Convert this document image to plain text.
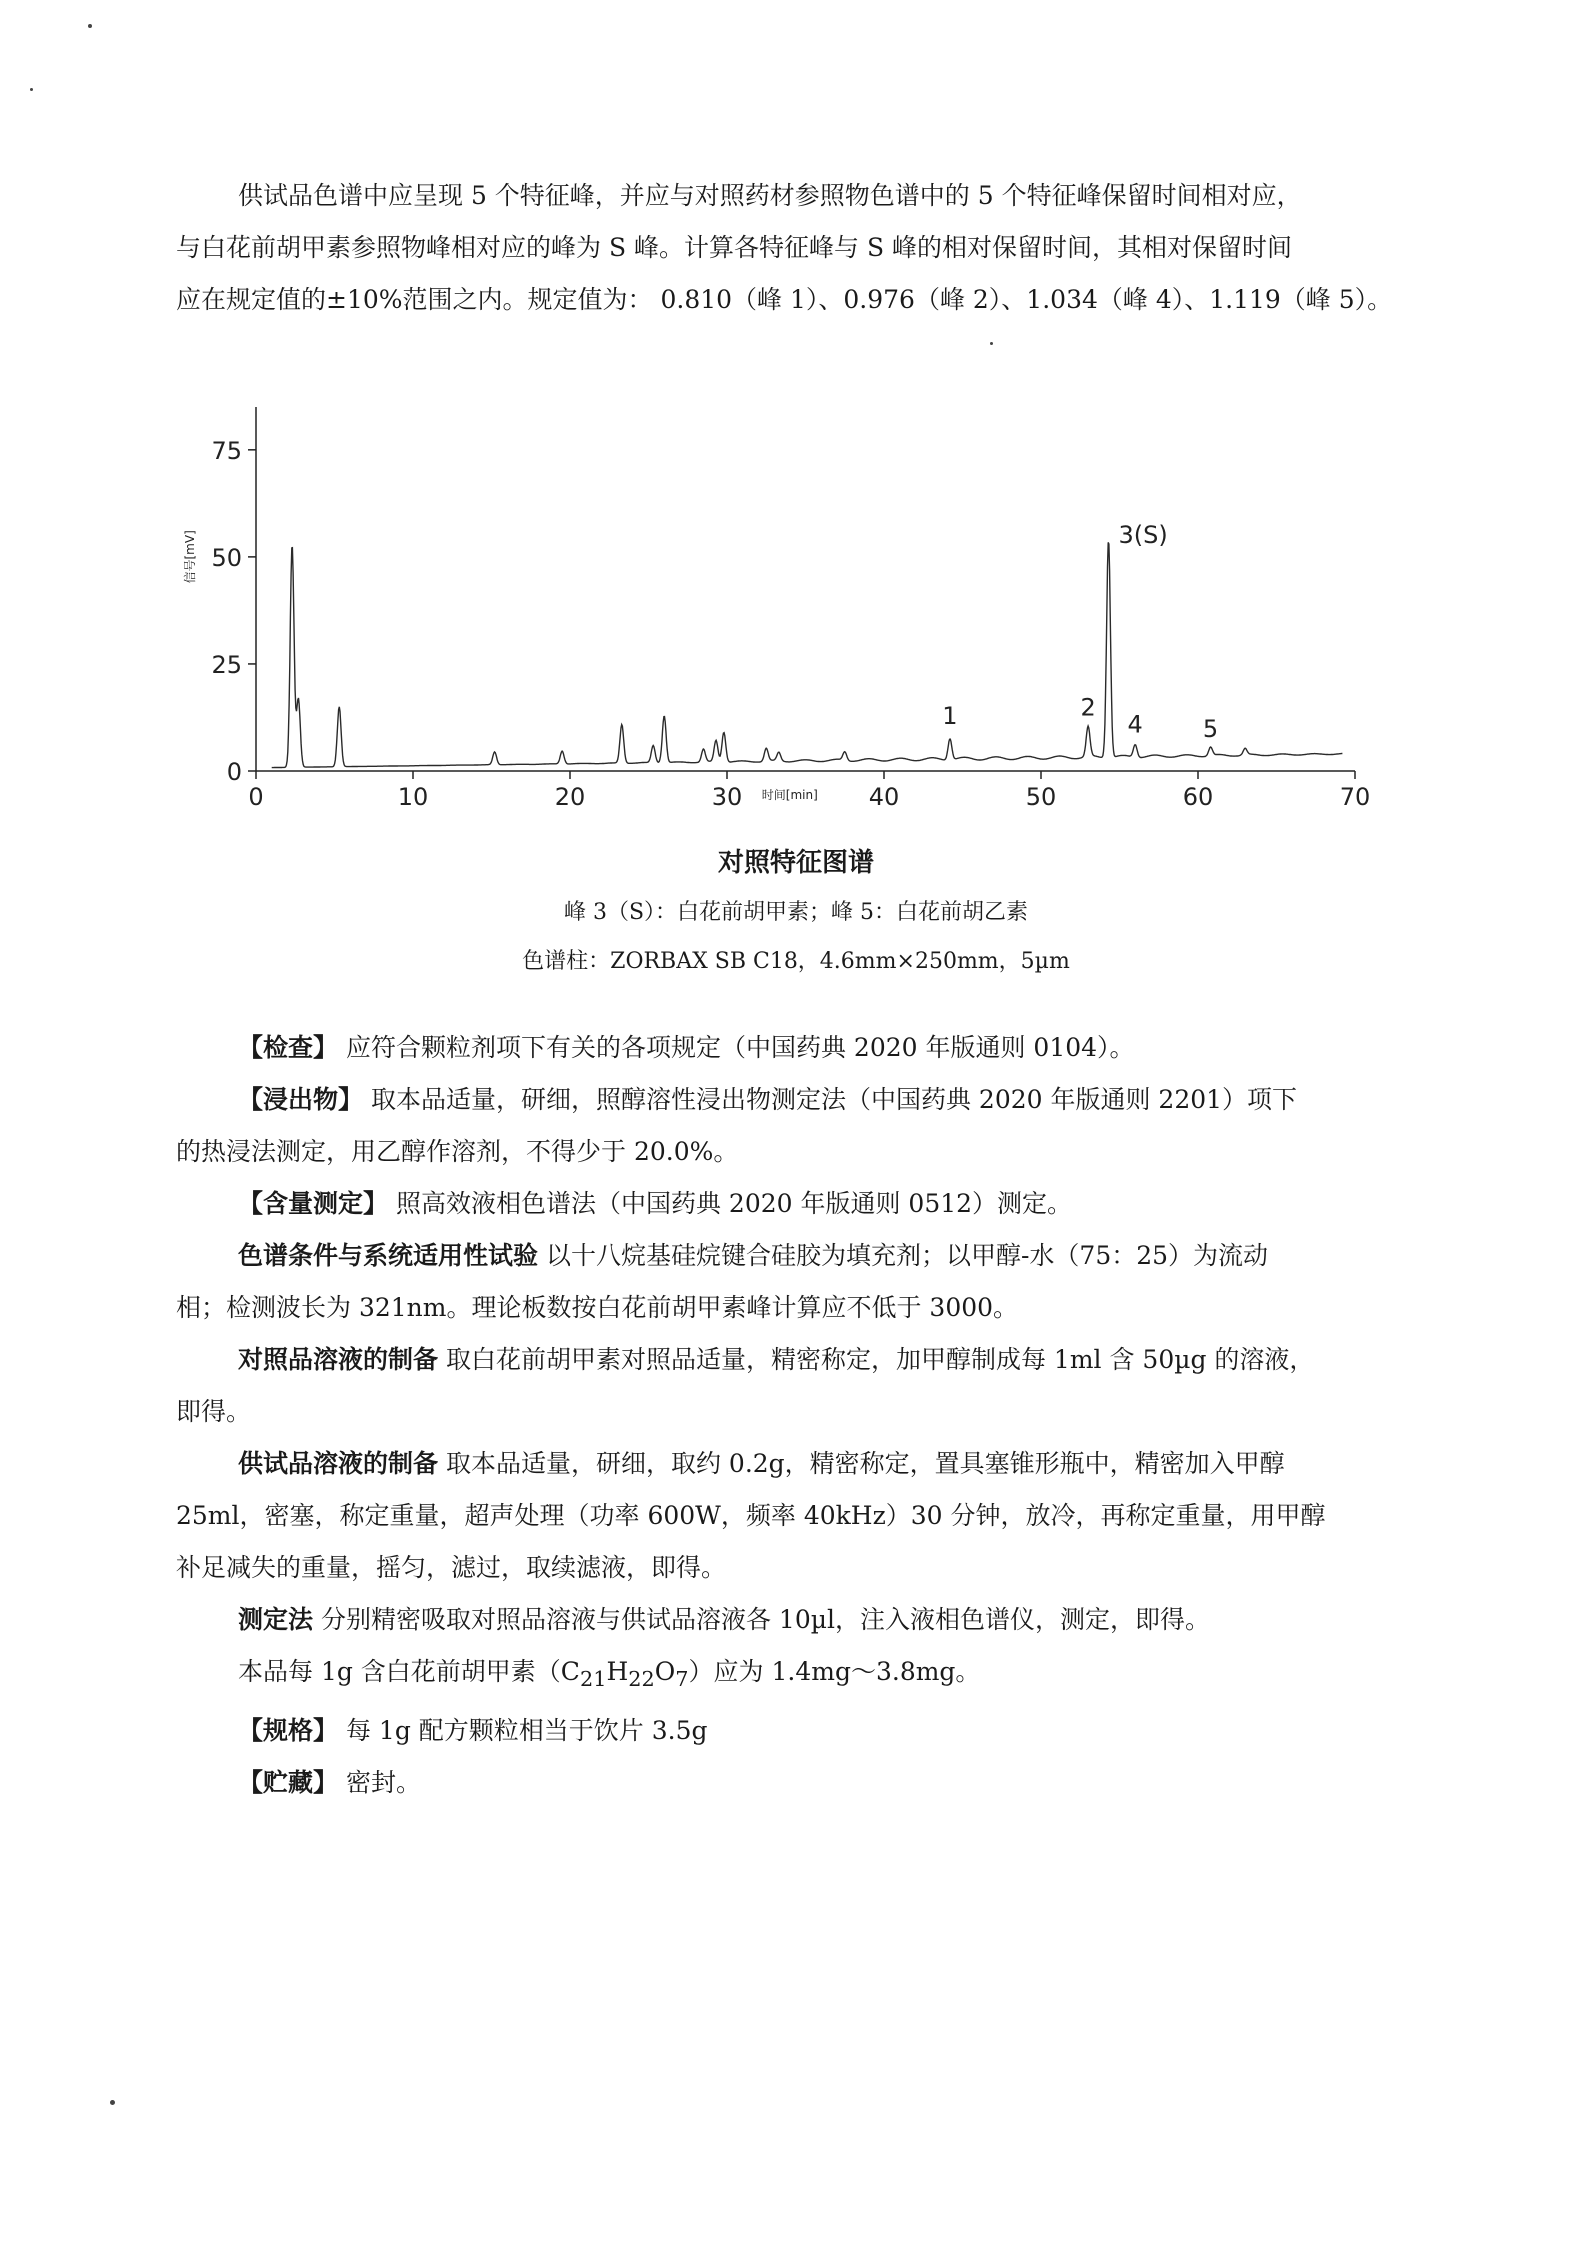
供试品色谱中应呈现 5 个特征峰，并应与对照药材参照物色谱中的 5 个特征峰保留时间相对应，
与白花前胡甲素参照物峰相对应的峰为 S 峰。计算各特征峰与 S 峰的相对保留时间，其相对保留时间
应在规定值的±10%范围之内。规定值为： 0.810（峰 1）、0.976（峰 2）、1.034（峰 4）、1.119（峰 5）。
0	10	20	30	40	50	60	70
0
25
50
75
时间[min]
信号[mV]
1	2
3(S)
4	5
对照特征图谱
峰 3（S）：白花前胡甲素；峰 5：白花前胡乙素
色谱柱：ZORBAX SB C18，4.6mm×250mm，5µm
【检查】 应符合颗粒剂项下有关的各项规定（中国药典 2020 年版通则 0104）。
【浸出物】 取本品适量，研细，照醇溶性浸出物测定法（中国药典 2020 年版通则 2201）项下
的热浸法测定，用乙醇作溶剂，不得少于 20.0%。
【含量测定】 照高效液相色谱法（中国药典 2020 年版通则 0512）测定。
色谱条件与系统适用性试验 以十八烷基硅烷键合硅胶为填充剂；以甲醇-水（75：25）为流动
相；检测波长为 321nm。理论板数按白花前胡甲素峰计算应不低于 3000。
对照品溶液的制备 取白花前胡甲素对照品适量，精密称定，加甲醇制成每 1ml 含 50µg 的溶液，
即得。
供试品溶液的制备 取本品适量，研细，取约 0.2g，精密称定，置具塞锥形瓶中，精密加入甲醇
25ml，密塞，称定重量，超声处理（功率 600W，频率 40kHz）30 分钟，放冷，再称定重量，用甲醇
补足减失的重量，摇匀，滤过，取续滤液，即得。
测定法 分别精密吸取对照品溶液与供试品溶液各 10µl，注入液相色谱仪，测定，即得。
本品每 1g 含白花前胡甲素$(C_{21}H_{22}O_7)$应为 1.4mg～3.8mg。
【规格】 每 1g 配方颗粒相当于饮片 3.5g
【贮藏】 密封。
